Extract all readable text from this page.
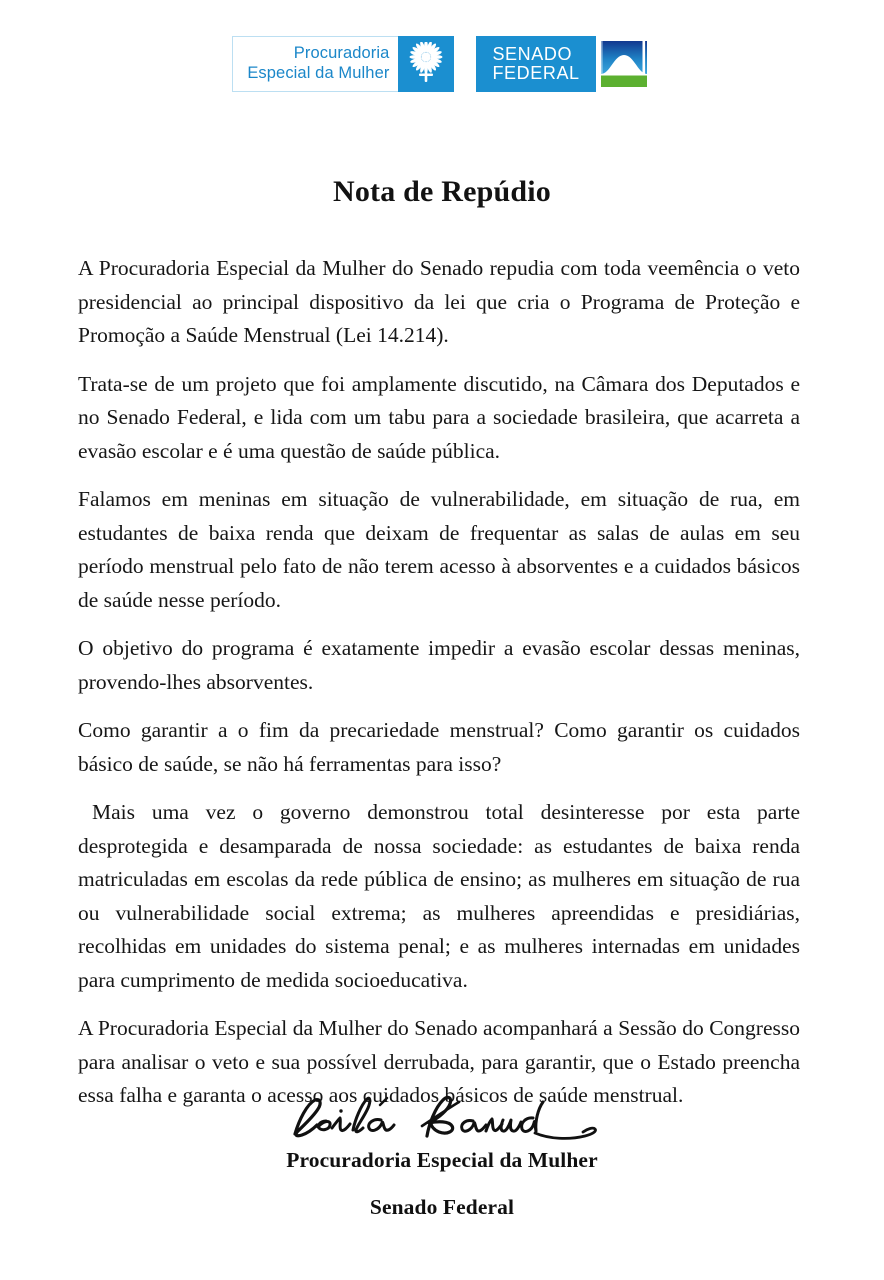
Procuradoria
Especial da Mulher
SENADO
FEDERAL
Nota de Repúdio

A Procuradoria Especial da Mulher do Senado repudia com toda veemência o veto presidencial ao principal dispositivo da lei que cria o Programa de Proteção e Promoção a Saúde Menstrual (Lei 14.214).

Trata-se de um projeto que foi amplamente discutido, na Câmara dos Deputados e no Senado Federal, e lida com um tabu para a sociedade brasileira, que acarreta a evasão escolar e é uma questão de saúde pública.

Falamos em meninas em situação de vulnerabilidade, em situação de rua, em estudantes de baixa renda que deixam de frequentar as salas de aulas em seu período menstrual pelo fato de não terem acesso à absorventes e a cuidados básicos de saúde nesse período.

O objetivo do programa é exatamente impedir a evasão escolar dessas meninas, provendo-lhes absorventes.

Como garantir a o fim da precariedade menstrual? Como garantir os cuidados básico de saúde, se não há ferramentas para isso?

Mais uma vez o governo demonstrou total desinteresse por esta parte desprotegida e desamparada de nossa sociedade: as estudantes de baixa renda matriculadas em escolas da rede pública de ensino; as mulheres em situação de rua ou vulnerabilidade social extrema; as mulheres apreendidas e presidiárias, recolhidas em unidades do sistema penal; e as mulheres internadas em unidades para cumprimento de medida socioeducativa.

A Procuradoria Especial da Mulher do Senado acompanhará a Sessão do Congresso para analisar o veto e sua possível derrubada, para garantir, que o Estado preencha essa falha e garanta o acesso aos cuidados básicos de saúde menstrual.

Procuradoria Especial da Mulher
Senado Federal
